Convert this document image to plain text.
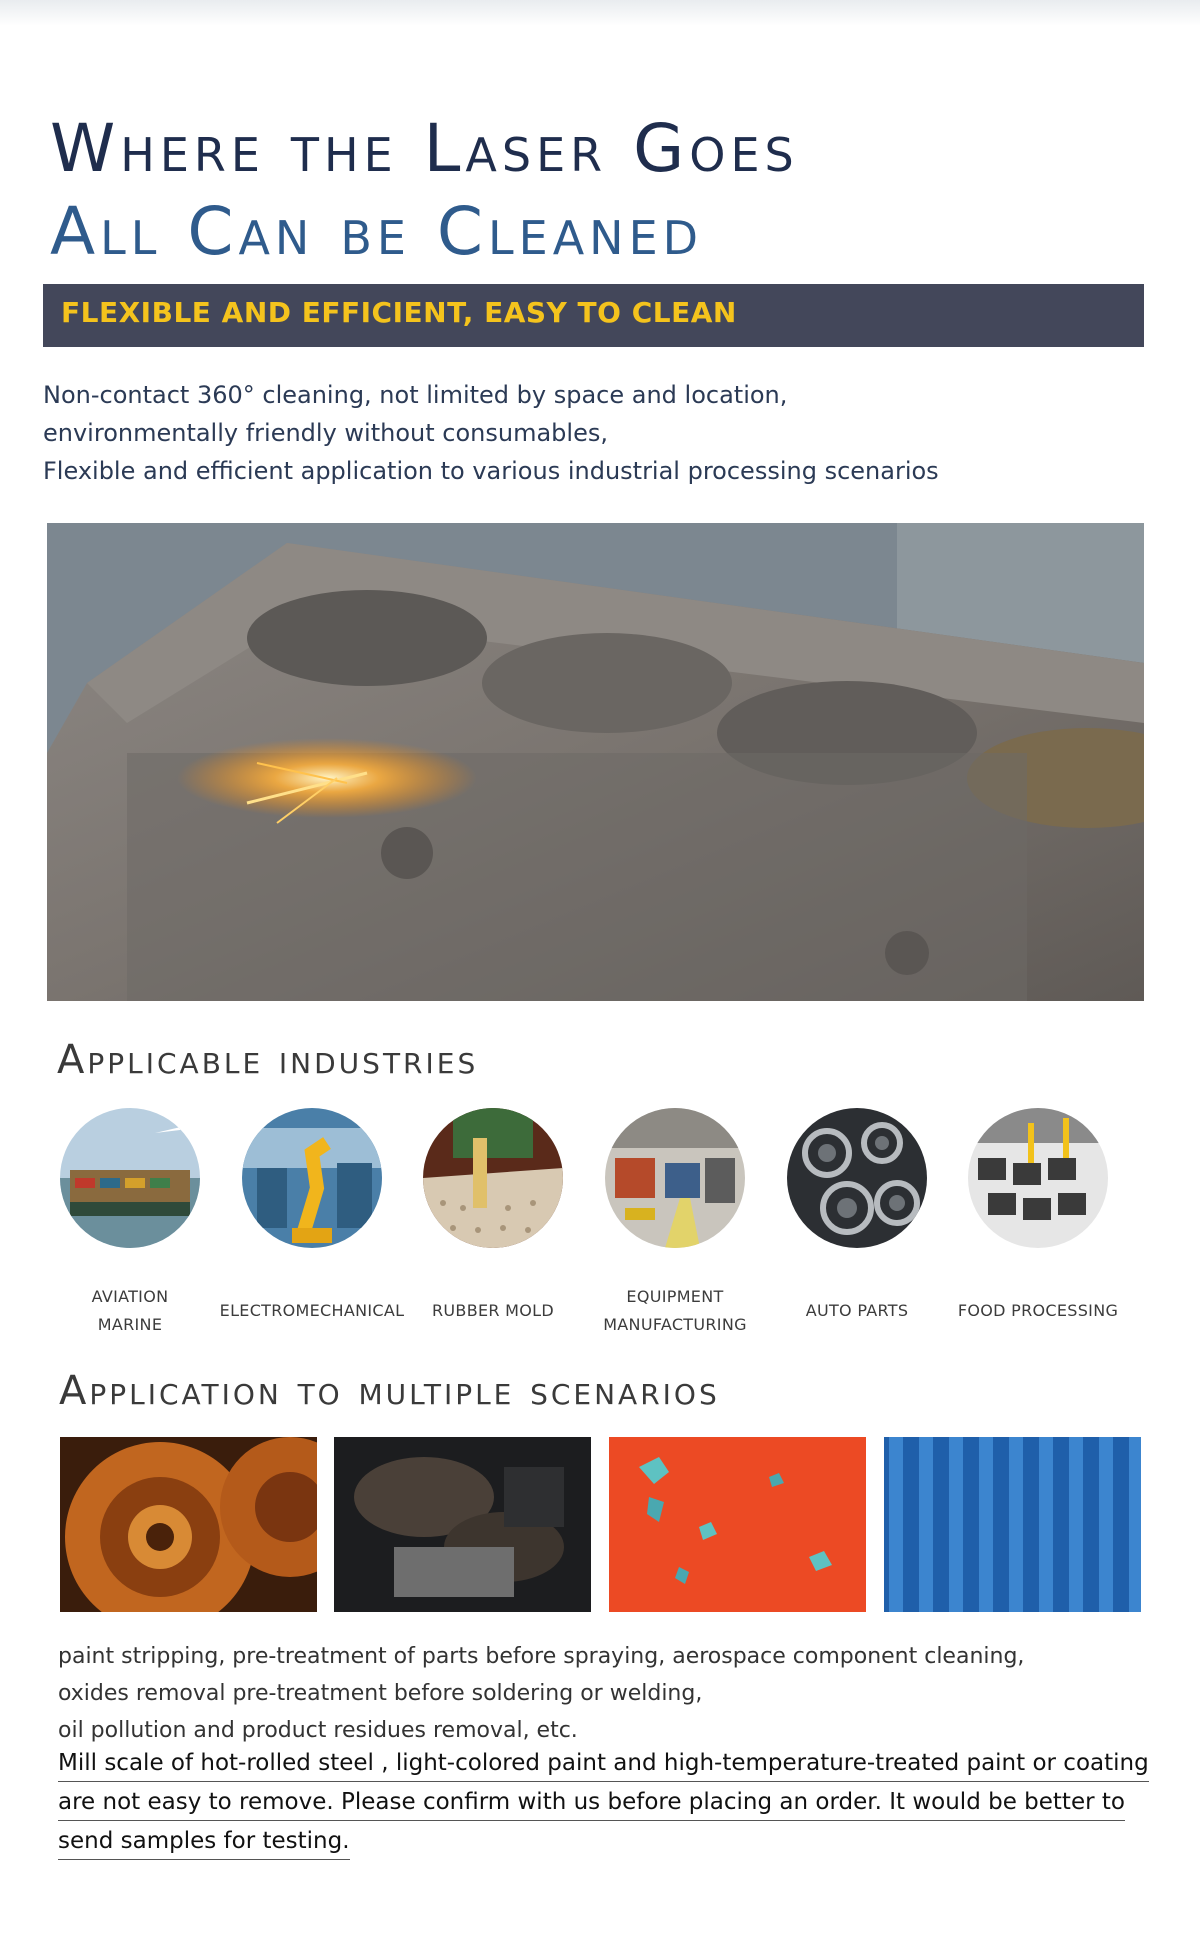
Where the Laser Goes
All Can be Cleaned
FLEXIBLE AND EFFICIENT, EASY TO CLEAN
Non-contact 360° cleaning, not limited by space and location,
environmentally friendly without consumables,
Flexible and efficient application to various industrial processing scenarios
Applicable industries
AVIATION
MARINE
ELECTROMECHANICAL	RUBBER MOLD
EQUIPMENT
MANUFACTURING
AUTO PARTS	FOOD PROCESSING
Application to multiple scenarios
paint stripping, pre-treatment of parts before spraying, aerospace component cleaning,
oxides removal pre-treatment before soldering or welding,
oil pollution and product residues removal, etc.
Mill scale of hot-rolled steel , light-colored paint and high-temperature-treated paint or coating
are not easy to remove. Please confirm with us before placing an order. It would be better to
send samples for testing.
